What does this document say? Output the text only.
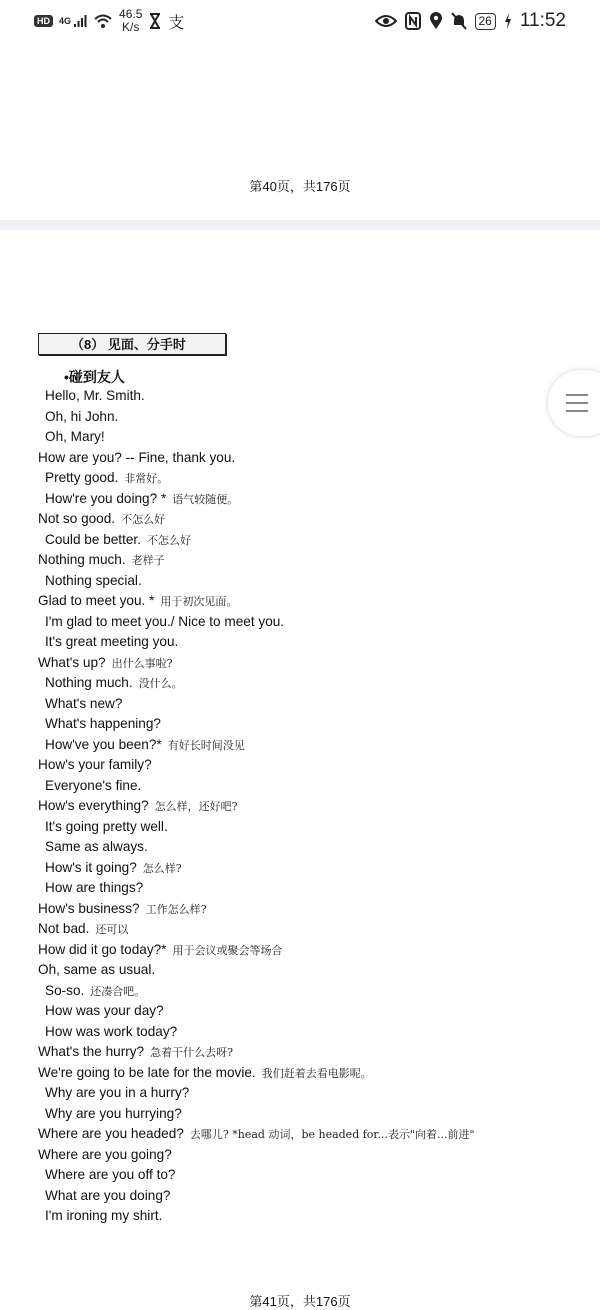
HD	4G	46.5
K/s 支	26 11:52
第40页，共176页
（8） 见面、分手时
•碰到友人
Hello, Mr. Smith.
Oh, hi John.
Oh, Mary!
How are you? -- Fine, thank you.
Pretty good. 非常好。
How're you doing? * 语气较随便。
Not so good. 不怎么好
Could be better. 不怎么好
Nothing much. 老样子
Nothing special.
Glad to meet you. * 用于初次见面。
I'm glad to meet you./ Nice to meet you.
It's great meeting you.
What's up? 出什么事啦?
Nothing much. 没什么。
What's new?
What's happening?
How've you been?* 有好长时间没见
How's your family?
Everyone's fine.
How's everything? 怎么样，还好吧?
It's going pretty well.
Same as always.
How's it going? 怎么样?
How are things?
How's business? 工作怎么样?
Not bad. 还可以
How did it go today?* 用于会议或聚会等场合
Oh, same as usual.
So-so. 还凑合吧。
How was your day?
How was work today?
What's the hurry? 急着干什么去呀?
We're going to be late for the movie. 我们赶着去看电影呢。
Why are you in a hurry?
Why are you hurrying?
Where are you headed? 去哪儿? *head 动词，be headed for...表示"向着...前进"
Where are you going?
Where are you off to?
What are you doing?
I'm ironing my shirt.
第41页，共176页
